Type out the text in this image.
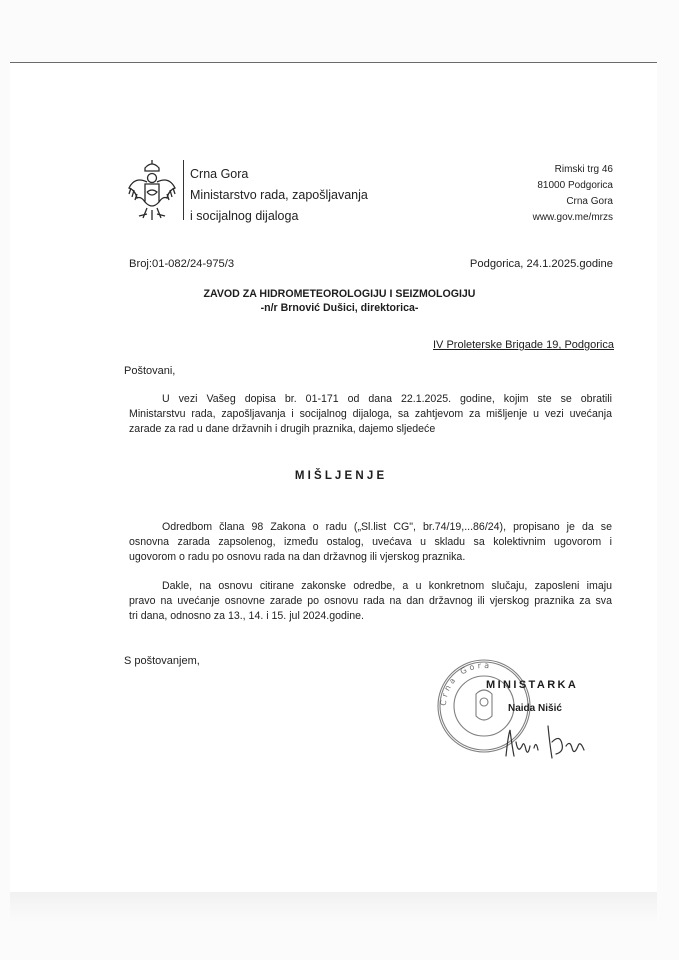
Crna Gora
Ministarstvo rada, zapošljavanja
i socijalnog dijaloga
Rimski trg 46
81000 Podgorica
Crna Gora
www.gov.me/mrzs
Broj:01-082/24-975/3	Podgorica, 24.1.2025.godine
ZAVOD ZA HIDROMETEOROLOGIJU I SEIZMOLOGIJU
-n/r Brnović Dušici, direktorica-
IV Proleterske Brigade 19, Podgorica
Poštovani,
U vezi Vašeg dopisa br. 01-171 od dana 22.1.2025. godine, kojim ste se obratili
Ministarstvu rada, zapošljavanja i socijalnog dijaloga, sa zahtjevom za mišljenje u vezi uvećanja
zarade za rad u dane državnih i drugih praznika, dajemo sljedeće
M I Š L J E N J E
Odredbom člana 98 Zakona o radu („Sl.list CG", br.74/19,...86/24), propisano je da se
osnovna zarada zapsolenog, između ostalog, uvećava u skladu sa kolektivnim ugovorom i
ugovorom o radu po osnovu rada na dan državnog ili vjerskog praznika.
Dakle, na osnovu citirane zakonske odredbe, a u konkretnom slučaju, zaposleni imaju
pravo na uvećanje osnovne zarade po osnovu rada na dan državnog ili vjerskog praznika za sva
tri dana, odnosno za 13., 14. i 15. jul 2024.godine.
S poštovanjem,
Crna Gora
MINISTARKA
Naida Nišić
